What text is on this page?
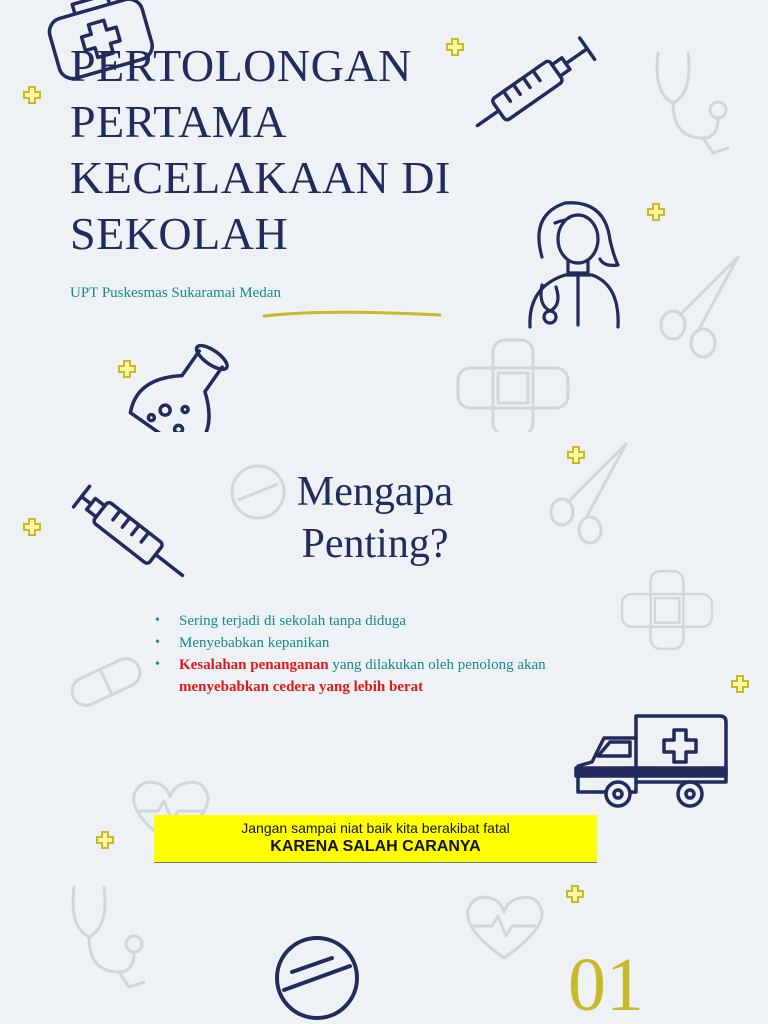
PERTOLONGAN
PERTAMA
KECELAKAAN DI
SEKOLAH
UPT Puskesmas Sukaramai Medan
Mengapa
Penting?
• Sering terjadi di sekolah tanpa diduga
• Menyebabkan kepanikan
• Kesalahan penanganan yang dilakukan oleh penolong akan menyebabkan cedera yang lebih berat
Jangan sampai niat baik kita berakibat fatal
KARENA SALAH CARANYA
01
